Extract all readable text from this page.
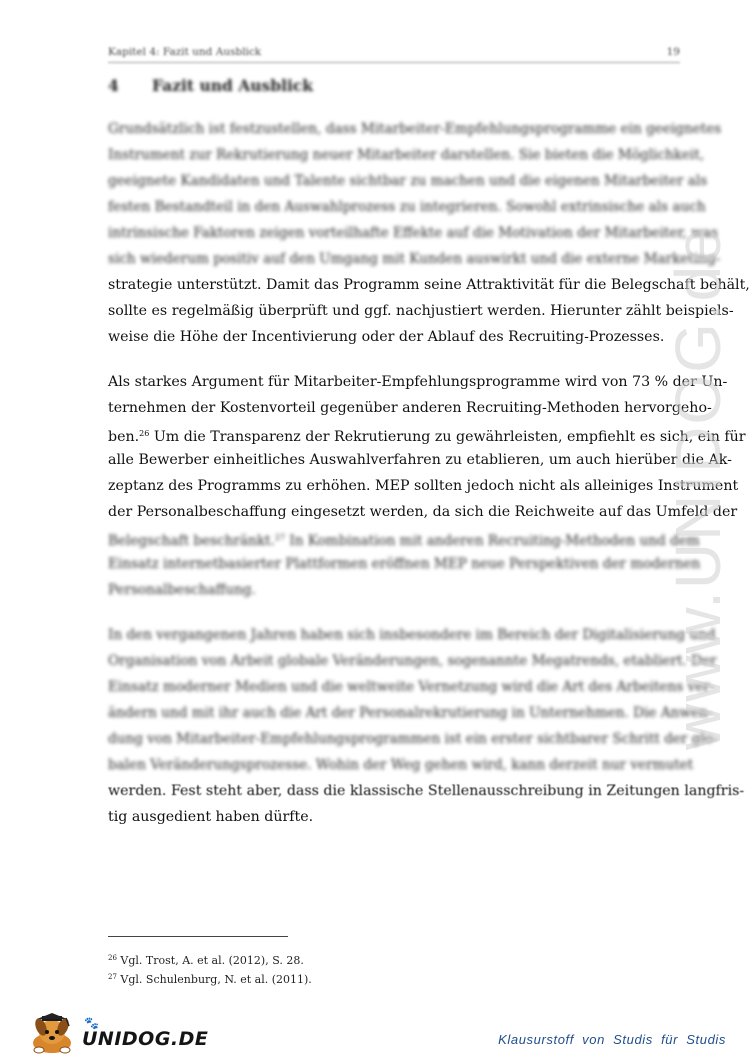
Kapitel 4: Fazit und Ausblick	19
4 Fazit und Ausblick
Grundsätzlich ist festzustellen, dass Mitarbeiter-Empfehlungsprogramme ein geeignetes
Instrument zur Rekrutierung neuer Mitarbeiter darstellen. Sie bieten die Möglichkeit,
geeignete Kandidaten und Talente sichtbar zu machen und die eigenen Mitarbeiter als
festen Bestandteil in den Auswahlprozess zu integrieren. Sowohl extrinsische als auch
intrinsische Faktoren zeigen vorteilhafte Effekte auf die Motivation der Mitarbeiter, was
sich wiederum positiv auf den Umgang mit Kunden auswirkt und die externe Marketing-
strategie unterstützt. Damit das Programm seine Attraktivität für die Belegschaft behält,
sollte es regelmäßig überprüft und ggf. nachjustiert werden. Hierunter zählt beispiels-
weise die Höhe der Incentivierung oder der Ablauf des Recruiting-Prozesses.
Als starkes Argument für Mitarbeiter-Empfehlungsprogramme wird von 73 % der Un-
ternehmen der Kostenvorteil gegenüber anderen Recruiting-Methoden hervorgeho-
ben.$^{26}$ Um die Transparenz der Rekrutierung zu gewährleisten, empfiehlt es sich, ein für
alle Bewerber einheitliches Auswahlverfahren zu etablieren, um auch hierüber die Ak-
zeptanz des Programms zu erhöhen. MEP sollten jedoch nicht als alleiniges Instrument
der Personalbeschaffung eingesetzt werden, da sich die Reichweite auf das Umfeld der
Belegschaft beschränkt.$^{27}$ In Kombination mit anderen Recruiting-Methoden und dem
Einsatz internetbasierter Plattformen eröffnen MEP neue Perspektiven der modernen
Personalbeschaffung.
In den vergangenen Jahren haben sich insbesondere im Bereich der Digitalisierung und
Organisation von Arbeit globale Veränderungen, sogenannte Megatrends, etabliert. Der
Einsatz moderner Medien und die weltweite Vernetzung wird die Art des Arbeitens ver-
ändern und mit ihr auch die Art der Personalrekrutierung in Unternehmen. Die Anwen-
dung von Mitarbeiter-Empfehlungsprogrammen ist ein erster sichtbarer Schritt der glo-
balen Veränderungsprozesse. Wohin der Weg gehen wird, kann derzeit nur vermutet
werden. Fest steht aber, dass die klassische Stellenausschreibung in Zeitungen langfris-
tig ausgedient haben dürfte.
www.UNIDOG.de
$^{26}$ Vgl. Trost, A. et al. (2012), S. 28.
$^{27}$ Vgl. Schulenburg, N. et al. (2011).
🐾
UNIDOG.DE	Klausurstoff von Studis für Studis
